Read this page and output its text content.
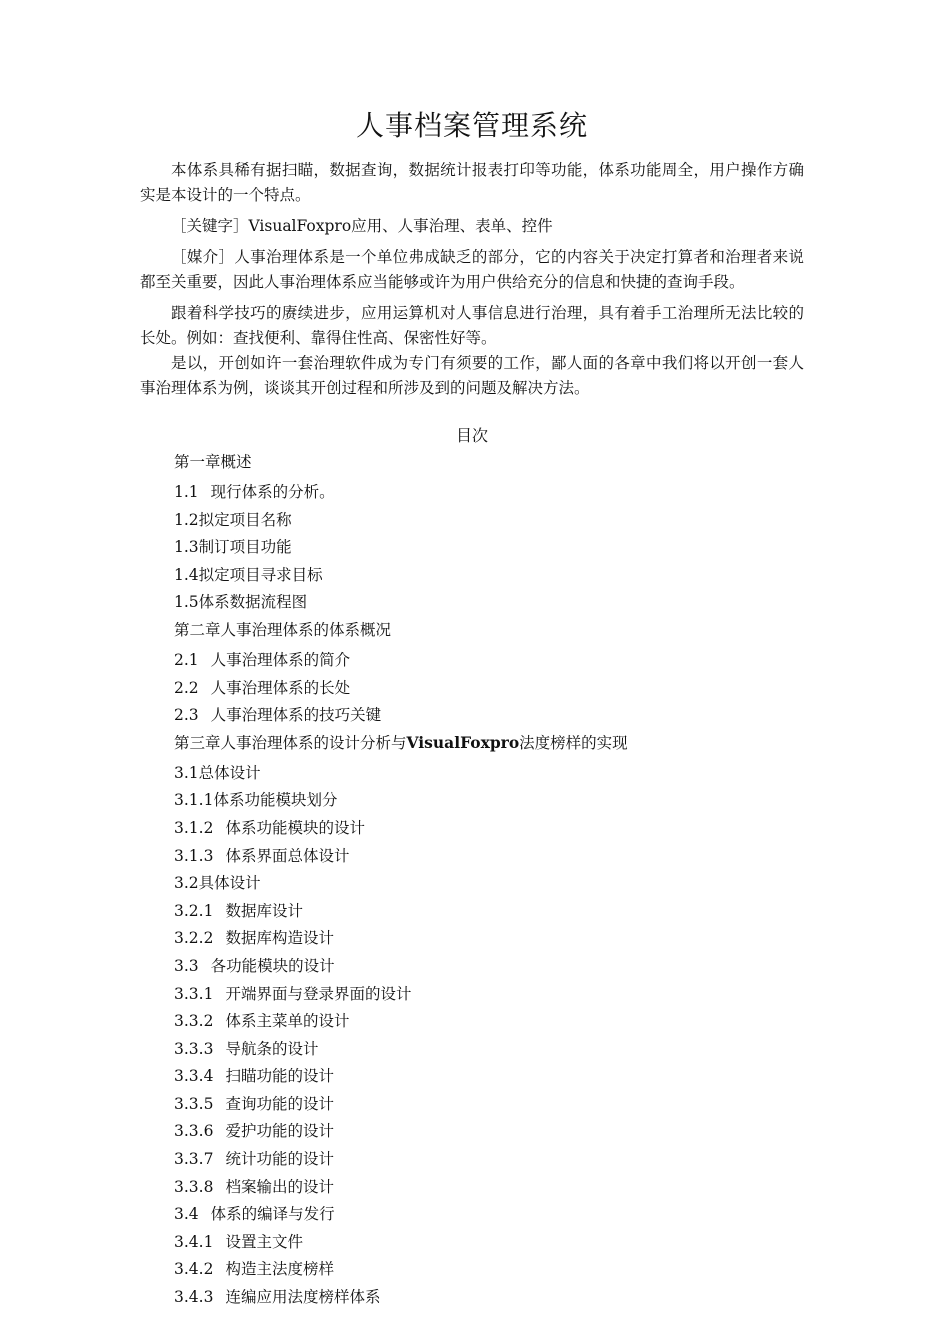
人事档案管理系统

本体系具稀有据扫瞄，数据查询，数据统计报表打印等功能，体系功能周全，用户操作方确实是本设计的一个特点。

［关键字］VisualFoxpro应用、人事治理、表单、控件

［媒介］人事治理体系是一个单位弗成缺乏的部分，它的内容关于决定打算者和治理者来说都至关重要，因此人事治理体系应当能够或许为用户供给充分的信息和快捷的查询手段。

跟着科学技巧的赓续进步，应用运算机对人事信息进行治理，具有着手工治理所无法比较的长处。例如：查找便利、靠得住性高、保密性好等。

是以，开创如许一套治理软件成为专门有须要的工作，鄙人面的各章中我们将以开创一套人事治理体系为例，谈谈其开创过程和所涉及到的问题及解决方法。

目次
第一章概述
1.1 现行体系的分析。
1.2拟定项目名称
1.3制订项目功能
1.4拟定项目寻求目标
1.5体系数据流程图
第二章人事治理体系的体系概况
2.1 人事治理体系的简介
2.2 人事治理体系的长处
2.3 人事治理体系的技巧关键
第三章人事治理体系的设计分析与VisualFoxpro法度榜样的实现
3.1总体设计
3.1.1体系功能模块划分
3.1.2 体系功能模块的设计
3.1.3 体系界面总体设计
3.2具体设计
3.2.1 数据库设计
3.2.2 数据库构造设计
3.3 各功能模块的设计
3.3.1 开端界面与登录界面的设计
3.3.2 体系主菜单的设计
3.3.3 导航条的设计
3.3.4 扫瞄功能的设计
3.3.5 查询功能的设计
3.3.6 爱护功能的设计
3.3.7 统计功能的设计
3.3.8 档案输出的设计
3.4 体系的编译与发行
3.4.1 设置主文件
3.4.2 构造主法度榜样
3.4.3 连编应用法度榜样体系
